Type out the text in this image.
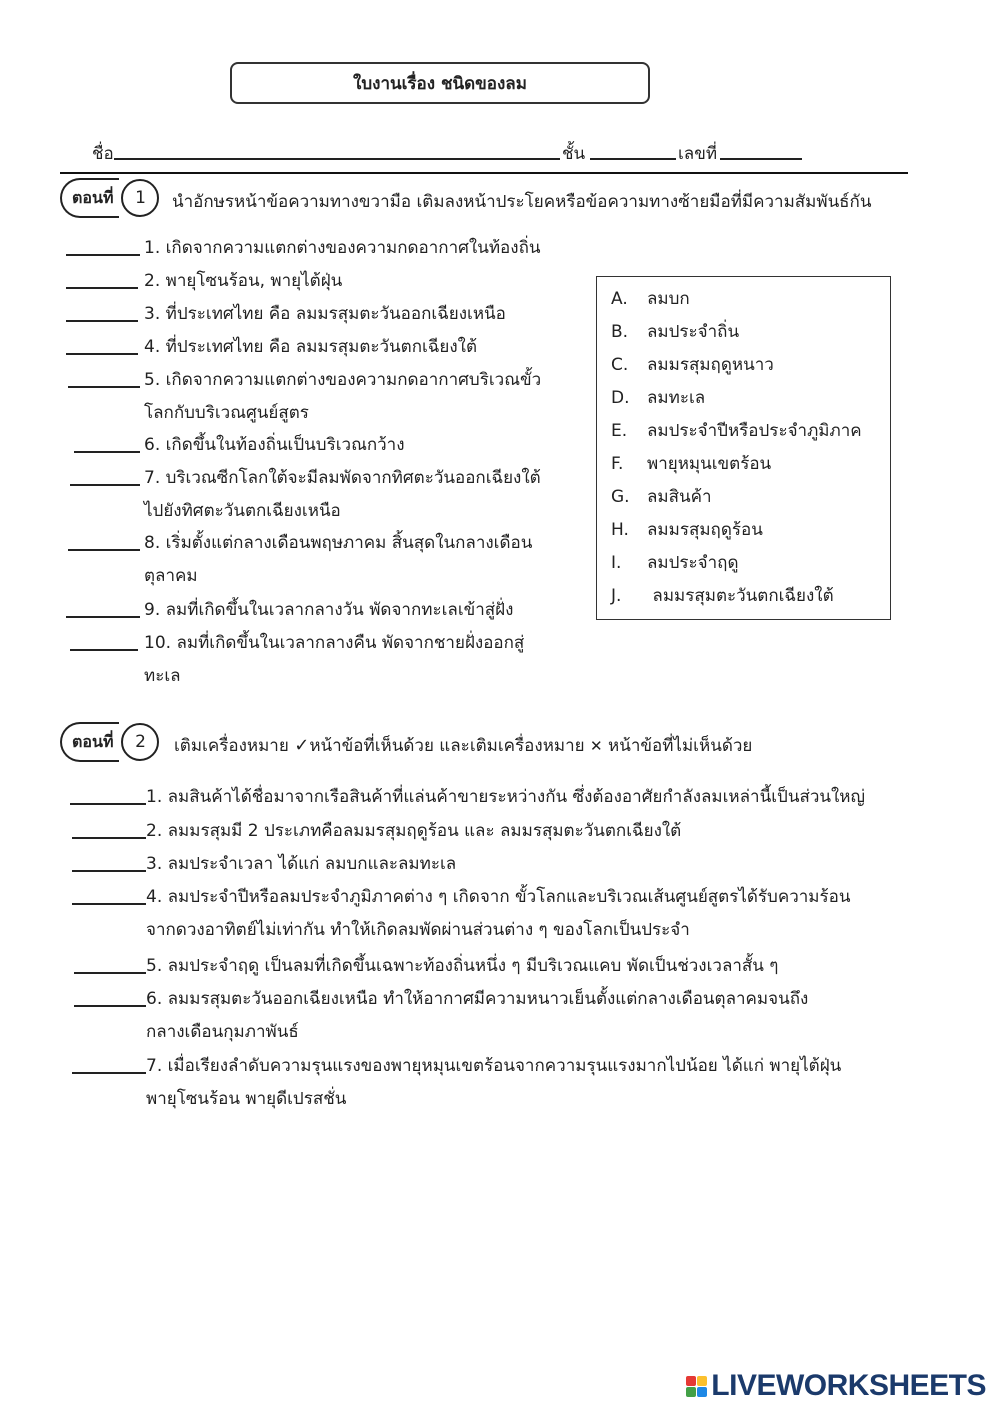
ใบงานเรื่อง ชนิดของลม
ชื่อ	ชั้น	เลขที่
ตอนที่	1	นำอักษรหน้าข้อความทางขวามือ เติมลงหน้าประโยคหรือข้อความทางซ้ายมือที่มีความสัมพันธ์กัน
1. เกิดจากความแตกต่างของความกดอากาศในท้องถิ่น
2. พายุโซนร้อน, พายุไต้ฝุ่น
3. ที่ประเทศไทย คือ ลมมรสุมตะวันออกเฉียงเหนือ
4. ที่ประเทศไทย คือ ลมมรสุมตะวันตกเฉียงใต้
5. เกิดจากความแตกต่างของความกดอากาศบริเวณขั้ว
โลกกับบริเวณศูนย์สูตร
6. เกิดขึ้นในท้องถิ่นเป็นบริเวณกว้าง
7. บริเวณซีกโลกใต้จะมีลมพัดจากทิศตะวันออกเฉียงใต้
ไปยังทิศตะวันตกเฉียงเหนือ
8. เริ่มตั้งแต่กลางเดือนพฤษภาคม สิ้นสุดในกลางเดือน
ตุลาคม
9. ลมที่เกิดขึ้นในเวลากลางวัน พัดจากทะเลเข้าสู่ฝั่ง
10. ลมที่เกิดขึ้นในเวลากลางคืน พัดจากชายฝั่งออกสู่
ทะเล
A. ลมบก
B. ลมประจำถิ่น
C. ลมมรสุมฤดูหนาว
D. ลมทะเล
E. ลมประจำปีหรือประจำภูมิภาค
F. พายุหมุนเขตร้อน
G. ลมสินค้า
H. ลมมรสุมฤดูร้อน
I. ลมประจำฤดู
J. ลมมรสุมตะวันตกเฉียงใต้
ตอนที่	2	เติมเครื่องหมาย ✓หน้าข้อที่เห็นด้วย และเติมเครื่องหมาย ✕ หน้าข้อที่ไม่เห็นด้วย
1. ลมสินค้าได้ชื่อมาจากเรือสินค้าที่แล่นค้าขายระหว่างกัน ซึ่งต้องอาศัยกำลังลมเหล่านี้เป็นส่วนใหญ่
2. ลมมรสุมมี 2 ประเภทคือลมมรสุมฤดูร้อน และ ลมมรสุมตะวันตกเฉียงใต้
3. ลมประจำเวลา ได้แก่ ลมบกและลมทะเล
4. ลมประจำปีหรือลมประจำภูมิภาคต่าง ๆ เกิดจาก ขั้วโลกและบริเวณเส้นศูนย์สูตรได้รับความร้อน
จากดวงอาทิตย์ไม่เท่ากัน ทำให้เกิดลมพัดผ่านส่วนต่าง ๆ ของโลกเป็นประจำ
5. ลมประจำฤดู เป็นลมที่เกิดขึ้นเฉพาะท้องถิ่นหนึ่ง ๆ มีบริเวณแคบ พัดเป็นช่วงเวลาสั้น ๆ
6. ลมมรสุมตะวันออกเฉียงเหนือ ทำให้อากาศมีความหนาวเย็นตั้งแต่กลางเดือนตุลาคมจนถึง
กลางเดือนกุมภาพันธ์
7. เมื่อเรียงลำดับความรุนแรงของพายุหมุนเขตร้อนจากความรุนแรงมากไปน้อย ได้แก่ พายุไต้ฝุ่น
พายุโซนร้อน พายุดีเปรสชั่น
LIVEWORKSHEETS
